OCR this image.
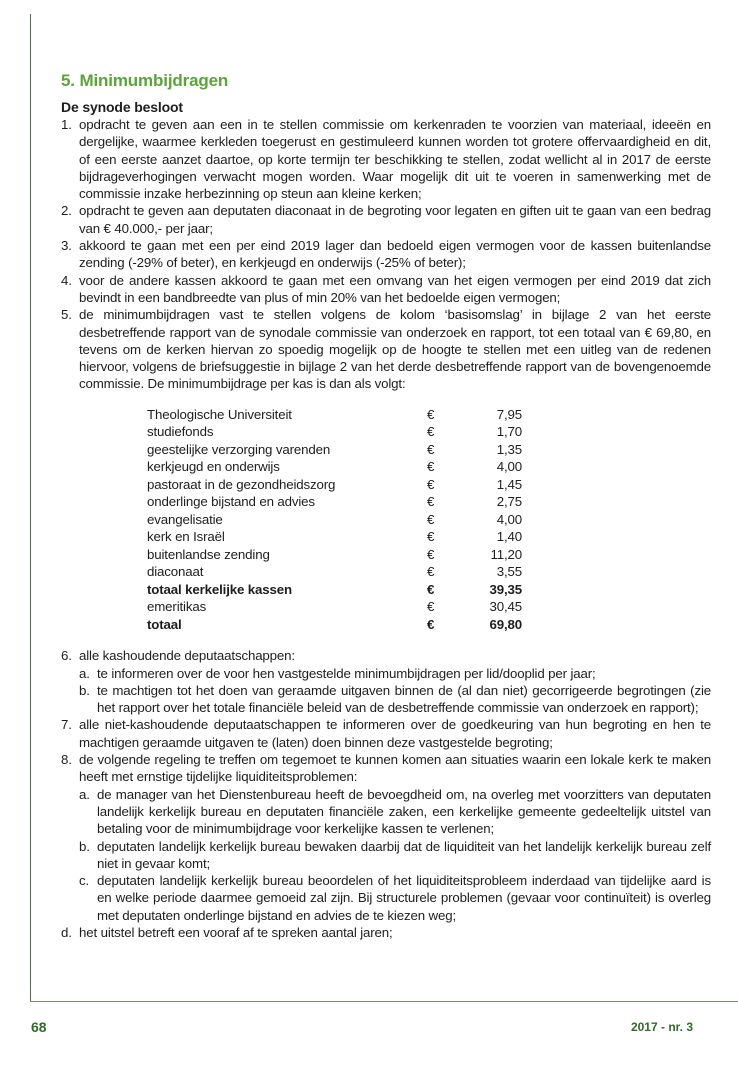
5. Minimumbijdragen

De synode besloot

1. opdracht te geven aan een in te stellen commissie om kerkenraden te voorzien van materiaal, ideeën en dergelijke, waarmee kerkleden toegerust en gestimuleerd kunnen worden tot grotere offervaardigheid en dit, of een eerste aanzet daartoe, op korte termijn ter beschikking te stellen, zodat wellicht al in 2017 de eerste bijdrageverhogingen verwacht mogen worden. Waar mogelijk dit uit te voeren in samenwerking met de commissie inzake herbezinning op steun aan kleine kerken;
2. opdracht te geven aan deputaten diaconaat in de begroting voor legaten en giften uit te gaan van een bedrag van € 40.000,- per jaar;
3. akkoord te gaan met een per eind 2019 lager dan bedoeld eigen vermogen voor de kassen buitenlandse zending (-29% of beter), en kerkjeugd en onderwijs (-25% of beter);
4. voor de andere kassen akkoord te gaan met een omvang van het eigen vermogen per eind 2019 dat zich bevindt in een bandbreedte van plus of min 20% van het bedoelde eigen vermogen;
5. de minimumbijdragen vast te stellen volgens de kolom ‘basisomslag’ in bijlage 2 van het eerste desbetreffende rapport van de synodale commissie van onderzoek en rapport, tot een totaal van € 69,80, en tevens om de kerken hiervan zo spoedig mogelijk op de hoogte te stellen met een uitleg van de redenen hiervoor, volgens de briefsuggestie in bijlage 2 van het derde desbetreffende rapport van de bovengenoemde commissie. De minimumbijdrage per kas is dan als volgt:
Theologische Universiteit	€	7,95
studiefonds	€	1,70
geestelijke verzorging varenden	€	1,35
kerkjeugd en onderwijs	€	4,00
pastoraat in de gezondheidszorg	€	1,45
onderlinge bijstand en advies	€	2,75
evangelisatie	€	4,00
kerk en Israël	€	1,40
buitenlandse zending	€	11,20
diaconaat	€	3,55
totaal kerkelijke kassen	€	39,35
emeritikas	€	30,45
totaal	€	69,80
6. alle kashoudende deputaatschappen:
a. te informeren over de voor hen vastgestelde minimumbijdragen per lid/dooplid per jaar;
b. te machtigen tot het doen van geraamde uitgaven binnen de (al dan niet) gecorrigeerde begrotingen (zie het rapport over het totale financiële beleid van de desbetreffende commissie van onderzoek en rapport);
7. alle niet-kashoudende deputaatschappen te informeren over de goedkeuring van hun begroting en hen te machtigen geraamde uitgaven te (laten) doen binnen deze vastgestelde begroting;
8. de volgende regeling te treffen om tegemoet te kunnen komen aan situaties waarin een lokale kerk te maken heeft met ernstige tijdelijke liquiditeitsproblemen:
a. de manager van het Dienstenbureau heeft de bevoegdheid om, na overleg met voorzitters van deputaten landelijk kerkelijk bureau en deputaten financiële zaken, een kerkelijke gemeente gedeeltelijk uitstel van betaling voor de minimumbijdrage voor kerkelijke kassen te verlenen;
b. deputaten landelijk kerkelijk bureau bewaken daarbij dat de liquiditeit van het landelijk kerkelijk bureau zelf niet in gevaar komt;
c. deputaten landelijk kerkelijk bureau beoordelen of het liquiditeitsprobleem inderdaad van tijdelijke aard is en welke periode daarmee gemoeid zal zijn. Bij structurele problemen (gevaar voor continuïteit) is overleg met deputaten onderlinge bijstand en advies de te kiezen weg;
d. het uitstel betreft een vooraf af te spreken aantal jaren;
68	2017 - nr. 3
